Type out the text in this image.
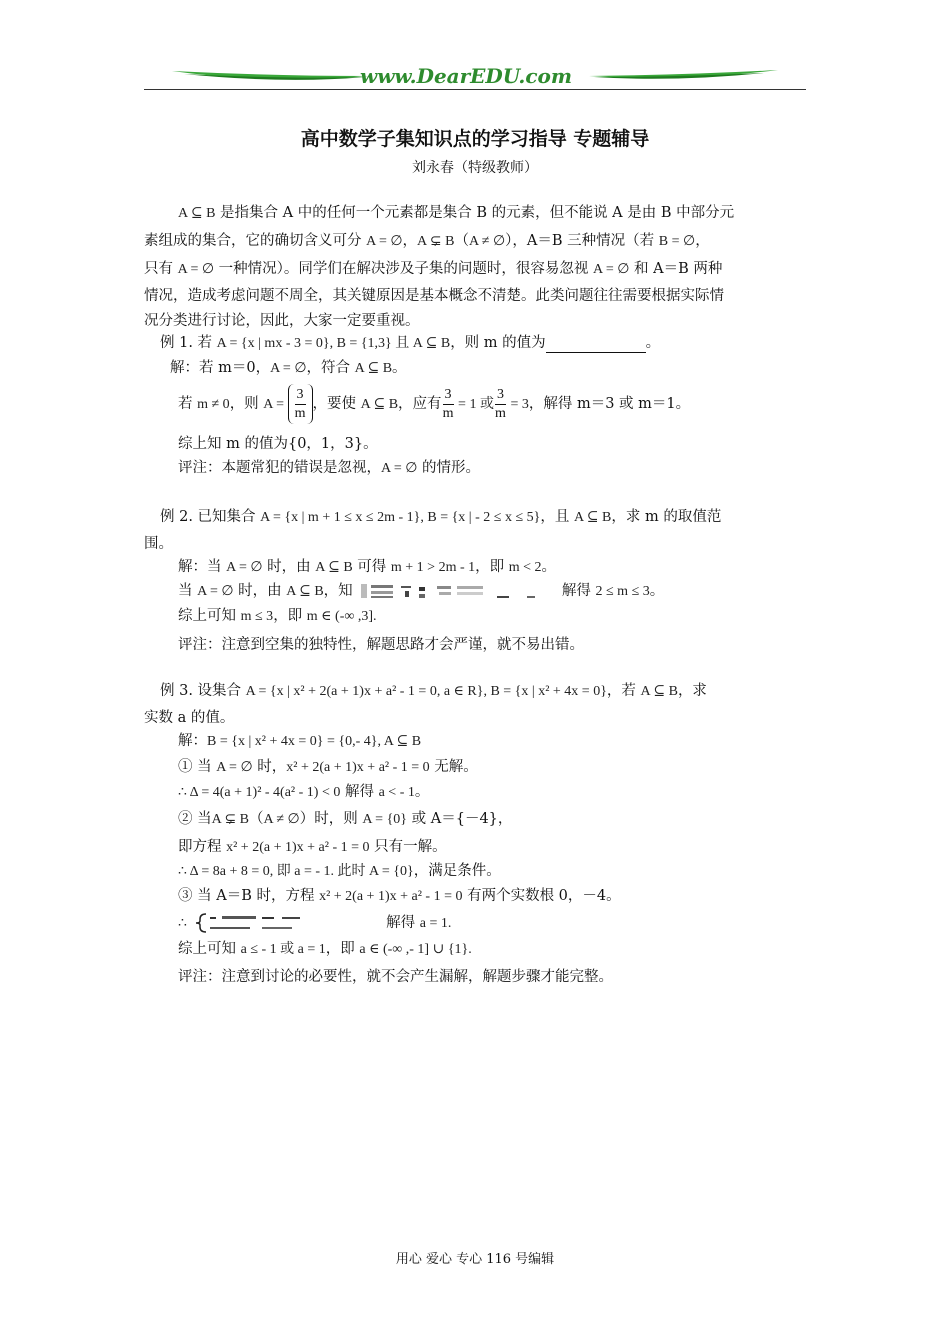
www.DearEDU.com
高中数学子集知识点的学习指导 专题辅导
刘永春（特级教师）
A ⊆ B 是指集合 A 中的任何一个元素都是集合 B 的元素，但不能说 A 是由 B 中部分元
素组成的集合，它的确切含义可分 A = ∅，A ⊊ B（A ≠ ∅），A＝B 三种情况（若 B = ∅，
只有 A = ∅ 一种情况）。同学们在解决涉及子集的问题时，很容易忽视 A = ∅ 和 A＝B 两种
情况，造成考虑问题不周全，其关键原因是基本概念不清楚。此类问题往往需要根据实际情
况分类进行讨论，因此，大家一定要重视。
例 1. 若 A = {x | mx - 3 = 0}, B = {1,3} 且 A ⊆ B，则 m 的值为	。
解：若 m＝0，A = ∅，符合 A ⊆ B。
若 m ≠ 0，则 $A = \frac{3}{m}$ ，要使 A ⊆ B，应有 $\frac{3}{m} = 1$ 或 $\frac{3}{m} = 3$，解得 m＝3 或 m＝1。
综上知 m 的值为{0，1，3}。
评注：本题常犯的错误是忽视，A = ∅ 的情形。
例 2. 已知集合 A = {x | m + 1 ≤ x ≤ 2m - 1}, B = {x | - 2 ≤ x ≤ 5}，且 A ⊆ B，求 m 的取值范
围。
解：当 A = ∅ 时，由 A ⊆ B 可得 m + 1 > 2m - 1，即 m < 2。
当 A = ∅ 时，由 A ⊆ B，知	解得 2 ≤ m ≤ 3。
综上可知 m ≤ 3，即 m ∈ (-∞ ,3].
评注：注意到空集的独特性，解题思路才会严谨，就不易出错。
例 3. 设集合 A = {x | x² + 2(a + 1)x + a² - 1 = 0, a ∈ R}, B = {x | x² + 4x = 0}，若 A ⊆ B，求
实数 a 的值。
解：B = {x | x² + 4x = 0} = {0,- 4}, A ⊆ B
① 当 A = ∅ 时，x² + 2(a + 1)x + a² - 1 = 0 无解。
∴ Δ = 4(a + 1)² - 4(a² - 1) < 0 解得 a < - 1。
② 当A ⊊ B（A ≠ ∅）时，则 A = {0} 或 A＝{－4}，
即方程 x² + 2(a + 1)x + a² - 1 = 0 只有一解。
∴ Δ = 8a + 8 = 0, 即 a = - 1. 此时 A = {0}，满足条件。
③ 当 A＝B 时，方程 x² + 2(a + 1)x + a² - 1 = 0 有两个实数根 0，－4。
∴	解得 a = 1.
综上可知 a ≤ - 1 或 a = 1，即 a ∈ (-∞ ,- 1] ∪ {1}.
评注：注意到讨论的必要性，就不会产生漏解，解题步骤才能完整。
用心 爱心 专心 116 号编辑
